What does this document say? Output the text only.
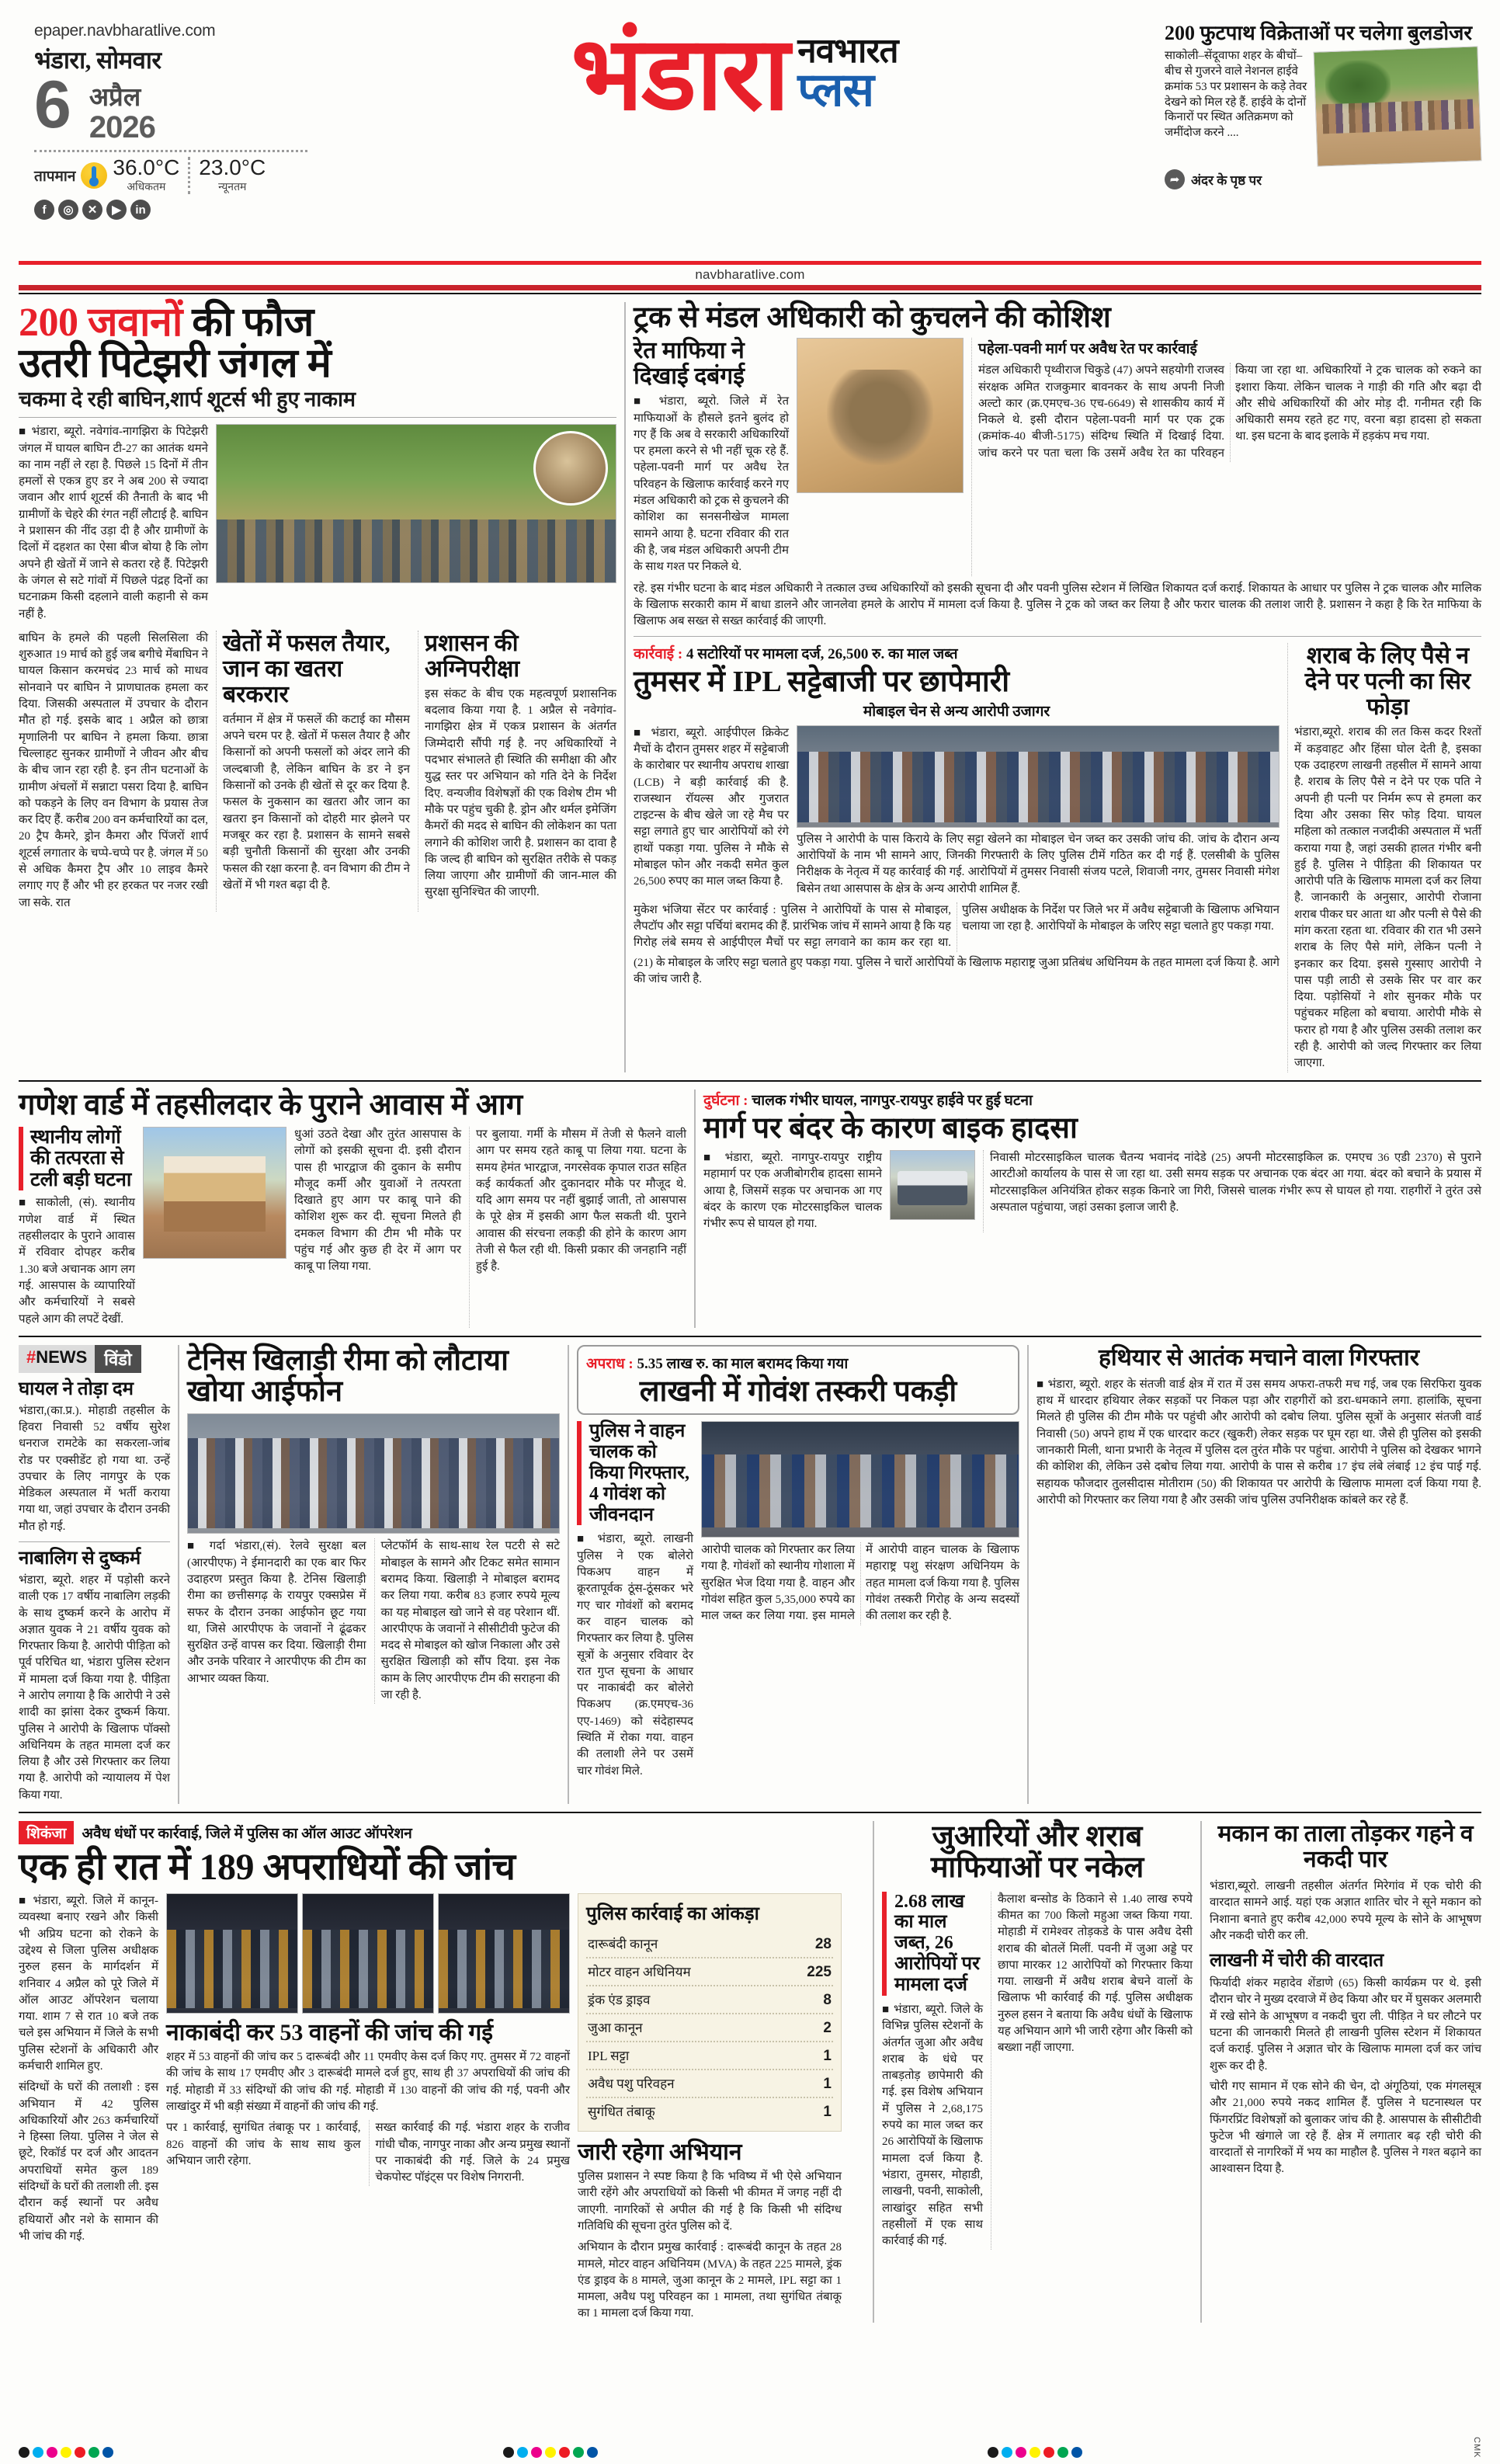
epaper.navbharatlive.com
भंडारा, सोमवार
6 अप्रैल
2026
तापमान 36.0°C
अधिकतम
23.0°C
न्यूनतम
f	◎	✕	▶	in
भंडारा नवभारत
प्लस
200 फुटपाथ विक्रेताओं पर चलेगा बुलडोजर
साकोली–सेंदूवाफा शहर के बीचों–बीच से गुजरने वाले नेशनल हाईवे क्रमांक 53 पर प्रशासन के कड़े तेवर देखने को मिल रहे हैं. हाईवे के दोनों किनारों पर स्थित अतिक्रमण को जमींदोज करने ....
➦ अंदर के पृष्ठ पर
navbharatlive.com
200 जवानों की फौज
उतरी पिटेझरी जंगल में
चकमा दे रही बाघिन,शार्प शूटर्स भी हुए नाकाम
■ भंडारा, ब्यूरो. नवेगांव-नागझिरा के पिटेझरी जंगल में घायल बाघिन टी-27 का आतंक थमने का नाम नहीं ले रहा है. पिछले 15 दिनों में तीन हमलों से एकत्र हुए डर ने अब 200 से ज्यादा जवान और शार्प शूटर्स की तैनाती के बाद भी ग्रामीणों के चेहरे की रंगत नहीं लौटाई है. बाघिन ने प्रशासन की नींद उड़ा दी है और ग्रामीणों के दिलों में दहशत का ऐसा बीज बोया है कि लोग अपने ही खेतों में जाने से कतरा रहे हैं. पिटेझरी के जंगल से सटे गांवों में पिछले पंद्रह दिनों का घटनाक्रम किसी दहलाने वाली कहानी से कम नहीं है.
बाघिन के हमले की पहली सिलसिला की शुरुआत 19 मार्च को हुई जब बगीचे मेंबाघिन ने घायल किसान करमचंद 23 मार्च को माधव सोनवाने पर बाघिन ने प्राणघातक हमला कर दिया. जिसकी अस्पताल में उपचार के दौरान मौत हो गई. इसके बाद 1 अप्रैल को छात्रा मृणालिनी पर बाघिन ने हमला किया. छात्रा चिल्लाहट सुनकर ग्रामीणों ने जीवन और बीच के बीच जान रहा रही है. इन तीन घटनाओं के ग्रामीण अंचलों में सन्नाटा पसरा दिया है. बाघिन को पकड़ने के लिए वन विभाग के प्रयास तेज कर दिए हैं. करीब 200 वन कर्मचारियों का दल, 20 ट्रैप कैमरे, ड्रोन कैमरा और पिंजरों शार्प शूटर्स लगातार के चप्पे-चप्पे पर है. जंगल में 50 से अधिक कैमरा ट्रैप और 10 लाइव कैमरे लगाए गए हैं और भी हर हरकत पर नजर रखी जा सके. रात
खेतों में फसल तैयार, जान का खतरा बरकरार
वर्तमान में क्षेत्र में फसलें की कटाई का मौसम अपने चरम पर है. खेतों में फसल तैयार है और किसानों को अपनी फसलों को अंदर लाने की जल्दबाजी है, लेकिन बाघिन के डर ने इन किसानों को उनके ही खेतों से दूर कर दिया है. फसल के नुकसान का खतरा और जान का खतरा इन किसानों को दोहरी मार झेलने पर मजबूर कर रहा है. प्रशासन के सामने सबसे बड़ी चुनौती किसानों की सुरक्षा और उनकी फसल की रक्षा करना है. वन विभाग की टीम ने खेतों में भी गश्त बढ़ा दी है.
प्रशासन की अग्निपरीक्षा
इस संकट के बीच एक महत्वपूर्ण प्रशासनिक बदलाव किया गया है. 1 अप्रैल से नवेगांव-नागझिरा क्षेत्र में एकत्र प्रशासन के अंतर्गत जिम्मेदारी सौंपी गई है. नए अधिकारियों ने पदभार संभालते ही स्थिति की समीक्षा की और युद्ध स्तर पर अभियान को गति देने के निर्देश दिए. वन्यजीव विशेषज्ञों की एक विशेष टीम भी मौके पर पहुंच चुकी है. ड्रोन और थर्मल इमेजिंग कैमरों की मदद से बाघिन की लोकेशन का पता लगाने की कोशिश जारी है. प्रशासन का दावा है कि जल्द ही बाघिन को सुरक्षित तरीके से पकड़ लिया जाएगा और ग्रामीणों की जान-माल की सुरक्षा सुनिश्चित की जाएगी.
ट्रक से मंडल अधिकारी को कुचलने की कोशिश
रेत माफिया ने दिखाई दबंगई
■ भंडारा, ब्यूरो. जिले में रेत माफियाओं के हौसले इतने बुलंद हो गए हैं कि अब वे सरकारी अधिकारियों पर हमला करने से भी नहीं चूक रहे हैं. पहेला-पवनी मार्ग पर अवैध रेत परिवहन के खिलाफ कार्रवाई करने गए मंडल अधिकारी को ट्रक से कुचलने की कोशिश का सनसनीखेज मामला सामने आया है. घटना रविवार की रात की है, जब मंडल अधिकारी अपनी टीम के साथ गश्त पर निकले थे.
पहेला-पवनी मार्ग पर अवैध रेत पर कार्रवाई
मंडल अधिकारी पृथ्वीराज चिकुडे (47) अपने सहयोगी राजस्व संरक्षक अमित राजकुमार बावनकर के साथ अपनी निजी अल्टो कार (क्र.एमएच-36 एच-6649) से शासकीय कार्य में निकले थे. इसी दौरान पहेला-पवनी मार्ग पर एक ट्रक (क्रमांक-40 बीजी-5175) संदिग्ध स्थिति में दिखाई दिया. जांच करने पर पता चला कि उसमें अवैध रेत का परिवहन किया जा रहा था. अधिकारियों ने ट्रक चालक को रुकने का इशारा किया. लेकिन चालक ने गाड़ी की गति और बढ़ा दी और सीधे अधिकारियों की ओर मोड़ दी. गनीमत रही कि अधिकारी समय रहते हट गए, वरना बड़ा हादसा हो सकता था. इस घटना के बाद इलाके में हड़कंप मच गया.
रहे. इस गंभीर घटना के बाद मंडल अधिकारी ने तत्काल उच्च अधिकारियों को इसकी सूचना दी और पवनी पुलिस स्टेशन में लिखित शिकायत दर्ज कराई. शिकायत के आधार पर पुलिस ने ट्रक चालक और मालिक के खिलाफ सरकारी काम में बाधा डालने और जानलेवा हमले के आरोप में मामला दर्ज किया है. पुलिस ने ट्रक को जब्त कर लिया है और फरार चालक की तलाश जारी है. प्रशासन ने कहा है कि रेत माफिया के खिलाफ अब सख्त से सख्त कार्रवाई की जाएगी.
कार्रवाई : 4 सटोरियों पर मामला दर्ज, 26,500 रु. का माल जब्त
तुमसर में IPL सट्टेबाजी पर छापेमारी
मोबाइल चेन से अन्य आरोपी उजागर
■ भंडारा, ब्यूरो. आईपीएल क्रिकेट मैचों के दौरान तुमसर शहर में सट्टेबाजी के कारोबार पर स्थानीय अपराध शाखा (LCB) ने बड़ी कार्रवाई की है. राजस्थान रॉयल्स और गुजरात टाइटन्स के बीच खेले जा रहे मैच पर सट्टा लगाते हुए चार आरोपियों को रंगे हाथों पकड़ा गया. पुलिस ने मौके से मोबाइल फोन और नकदी समेत कुल 26,500 रुपए का माल जब्त किया है.
पुलिस ने आरोपी के पास किराये के लिए सट्टा खेलने का मोबाइल चेन जब्त कर उसकी जांच की. जांच के दौरान अन्य आरोपियों के नाम भी सामने आए, जिनकी गिरफ्तारी के लिए पुलिस टीमें गठित कर दी गई हैं. एलसीबी के पुलिस निरीक्षक के नेतृत्व में यह कार्रवाई की गई. आरोपियों में तुमसर निवासी संजय पटले, शिवाजी नगर, तुमसर निवासी मंगेश बिसेन तथा आसपास के क्षेत्र के अन्य आरोपी शामिल हैं.
मुकेश भंजिया सेंटर पर कार्रवाई : पुलिस ने आरोपियों के पास से मोबाइल, लैपटॉप और सट्टा पर्चियां बरामद की हैं. प्रारंभिक जांच में सामने आया है कि यह गिरोह लंबे समय से आईपीएल मैचों पर सट्टा लगवाने का काम कर रहा था. पुलिस अधीक्षक के निर्देश पर जिले भर में अवैध सट्टेबाजी के खिलाफ अभियान चलाया जा रहा है. आरोपियों के मोबाइल के जरिए सट्टा चलाते हुए पकड़ा गया.
(21) के मोबाइल के जरिए सट्टा चलाते हुए पकड़ा गया. पुलिस ने चारों आरोपियों के खिलाफ महाराष्ट्र जुआ प्रतिबंध अधिनियम के तहत मामला दर्ज किया है. आगे की जांच जारी है.
शराब के लिए पैसे न देने पर पत्नी का सिर फोड़ा
भंडारा,ब्यूरो. शराब की लत किस कदर रिश्तों में कड़वाहट और हिंसा घोल देती है, इसका एक उदाहरण लाखनी तहसील में सामने आया है. शराब के लिए पैसे न देने पर एक पति ने अपनी ही पत्नी पर निर्मम रूप से हमला कर दिया और उसका सिर फोड़ दिया. घायल महिला को तत्काल नजदीकी अस्पताल में भर्ती कराया गया है, जहां उसकी हालत गंभीर बनी हुई है. पुलिस ने पीड़िता की शिकायत पर आरोपी पति के खिलाफ मामला दर्ज कर लिया है. जानकारी के अनुसार, आरोपी रोजाना शराब पीकर घर आता था और पत्नी से पैसे की मांग करता रहता था. रविवार की रात भी उसने शराब के लिए पैसे मांगे, लेकिन पत्नी ने इनकार कर दिया. इससे गुस्साए आरोपी ने पास पड़ी लाठी से उसके सिर पर वार कर दिया. पड़ोसियों ने शोर सुनकर मौके पर पहुंचकर महिला को बचाया. आरोपी मौके से फरार हो गया है और पुलिस उसकी तलाश कर रही है. आरोपी को जल्द गिरफ्तार कर लिया जाएगा.
गणेश वार्ड में तहसीलदार के पुराने आवास में आग
स्थानीय लोगों की तत्परता से टली बड़ी घटना
■ साकोली, (सं). स्थानीय गणेश वार्ड में स्थित तहसीलदार के पुराने आवास में रविवार दोपहर करीब 1.30 बजे अचानक आग लग गई. आसपास के व्यापारियों और कर्मचारियों ने सबसे पहले आग की लपटें देखीं.
धुआं उठते देखा और तुरंत आसपास के लोगों को इसकी सूचना दी. इसी दौरान पास ही भारद्वाज की दुकान के समीप मौजूद कर्मी और युवाओं ने तत्परता दिखाते हुए आग पर काबू पाने की कोशिश शुरू कर दी. सूचना मिलते ही दमकल विभाग की टीम भी मौके पर पहुंच गई और कुछ ही देर में आग पर काबू पा लिया गया.
पर बुलाया. गर्मी के मौसम में तेजी से फैलने वाली आग पर समय रहते काबू पा लिया गया. घटना के समय हेमंत भारद्वाज, नगरसेवक कृपाल राउत सहित कई कार्यकर्ता और दुकानदार मौके पर मौजूद थे. यदि आग समय पर नहीं बुझाई जाती, तो आसपास के पूरे क्षेत्र में इसकी आग फैल सकती थी. पुराने आवास की संरचना लकड़ी की होने के कारण आग तेजी से फैल रही थी. किसी प्रकार की जनहानि नहीं हुई है.
दुर्घटना : चालक गंभीर घायल, नागपुर-रायपुर हाईवे पर हुई घटना
मार्ग पर बंदर के कारण बाइक हादसा
■ भंडारा, ब्यूरो. नागपुर-रायपुर राष्ट्रीय महामार्ग पर एक अजीबोगरीब हादसा सामने आया है, जिसमें सड़क पर अचानक आ गए बंदर के कारण एक मोटरसाइकिल चालक गंभीर रूप से घायल हो गया.
निवासी मोटरसाइकिल चालक चैतन्य भवानंद नांदेडे (25) अपनी मोटरसाइकिल क्र. एमएच 36 एडी 2370) से पुराने आरटीओ कार्यालय के पास से जा रहा था. उसी समय सड़क पर अचानक एक बंदर आ गया. बंदर को बचाने के प्रयास में मोटरसाइकिल अनियंत्रित होकर सड़क किनारे जा गिरी, जिससे चालक गंभीर रूप से घायल हो गया. राहगीरों ने तुरंत उसे अस्पताल पहुंचाया, जहां उसका इलाज जारी है.
#NEWS	विंडो
घायल ने तोड़ा दम
भंडारा,(का.प्र.). मोहाडी तहसील के हिवरा निवासी 52 वर्षीय सुरेश धनराज रामटेके का सकरला-जांब रोड पर एक्सीडेंट हो गया था. उन्हें उपचार के लिए नागपुर के एक मेडिकल अस्पताल में भर्ती कराया गया था, जहां उपचार के दौरान उनकी मौत हो गई.
नाबालिग से दुष्कर्म
भंडारा, ब्यूरो. शहर में पड़ोसी करने वाली एक 17 वर्षीय नाबालिग लड़की के साथ दुष्कर्म करने के आरोप में अज्ञात युवक ने 21 वर्षीय युवक को गिरफ्तार किया है. आरोपी पीड़िता को पूर्व परिचित था, भंडारा पुलिस स्टेशन में मामला दर्ज किया गया है. पीड़िता ने आरोप लगाया है कि आरोपी ने उसे शादी का झांसा देकर दुष्कर्म किया. पुलिस ने आरोपी के खिलाफ पॉक्सो अधिनियम के तहत मामला दर्ज कर लिया है और उसे गिरफ्तार कर लिया गया है. आरोपी को न्यायालय में पेश किया गया.
टेनिस खिलाड़ी रीमा को लौटाया खोया आईफोन
■ गर्दा भंडारा,(सं). रेलवे सुरक्षा बल (आरपीएफ) ने ईमानदारी का एक बार फिर उदाहरण प्रस्तुत किया है. टेनिस खिलाड़ी रीमा का छत्तीसगढ़ के रायपुर एक्सप्रेस में सफर के दौरान उनका आईफोन छूट गया था, जिसे आरपीएफ के जवानों ने ढूंढकर सुरक्षित उन्हें वापस कर दिया. खिलाड़ी रीमा और उनके परिवार ने आरपीएफ की टीम का आभार व्यक्त किया.
प्लेटफॉर्म के साथ-साथ रेल पटरी से सटे मोबाइल के सामने और टिकट समेत सामान बरामद किया. खिलाड़ी ने मोबाइल बरामद कर लिया गया. करीब 83 हजार रुपये मूल्य का यह मोबाइल खो जाने से वह परेशान थीं. आरपीएफ के जवानों ने सीसीटीवी फुटेज की मदद से मोबाइल को खोज निकाला और उसे सुरक्षित खिलाड़ी को सौंप दिया. इस नेक काम के लिए आरपीएफ टीम की सराहना की जा रही है.
अपराध : 5.35 लाख रु. का माल बरामद किया गया
लाखनी में गोवंश तस्करी पकड़ी
पुलिस ने वाहन चालक को किया गिरफ्तार, 4 गोवंश को जीवनदान
■ भंडारा, ब्यूरो. लाखनी पुलिस ने एक बोलेरो पिकअप वाहन में क्रूरतापूर्वक ठूंस-ठूंसकर भरे गए चार गोवंशों को बरामद कर वाहन चालक को गिरफ्तार कर लिया है. पुलिस सूत्रों के अनुसार रविवार देर रात गुप्त सूचना के आधार पर नाकाबंदी कर बोलेरो पिकअप (क्र.एमएच-36 एए-1469) को संदेहास्पद स्थिति में रोका गया. वाहन की तलाशी लेने पर उसमें चार गोवंश मिले.
आरोपी चालक को गिरफ्तार कर लिया गया है. गोवंशों को स्थानीय गोशाला में सुरक्षित भेज दिया गया है. वाहन और गोवंश सहित कुल 5,35,000 रुपये का माल जब्त कर लिया गया. इस मामले में आरोपी वाहन चालक के खिलाफ महाराष्ट्र पशु संरक्षण अधिनियम के तहत मामला दर्ज किया गया है. पुलिस गोवंश तस्करी गिरोह के अन्य सदस्यों की तलाश कर रही है.
हथियार से आतंक मचाने वाला गिरफ्तार
■ भंडारा, ब्यूरो. शहर के संतजी वार्ड क्षेत्र में रात में उस समय अफरा-तफरी मच गई, जब एक सिरफिरा युवक हाथ में धारदार हथियार लेकर सड़कों पर निकल पड़ा और राहगीरों को डरा-धमकाने लगा. हालांकि, सूचना मिलते ही पुलिस की टीम मौके पर पहुंची और आरोपी को दबोच लिया. पुलिस सूत्रों के अनुसार संतजी वार्ड निवासी (50) अपने हाथ में एक धारदार कटर (खुकरी) लेकर सड़क पर घूम रहा था. जैसे ही पुलिस को इसकी जानकारी मिली, थाना प्रभारी के नेतृत्व में पुलिस दल तुरंत मौके पर पहुंचा. आरोपी ने पुलिस को देखकर भागने की कोशिश की, लेकिन उसे दबोच लिया गया. आरोपी के पास से करीब 17 इंच लंबे लंबाई 12 इंच पाई गई. सहायक फौजदार तुलसीदास मोतीराम (50) की शिकायत पर आरोपी के खिलाफ मामला दर्ज किया गया है. आरोपी को गिरफ्तार कर लिया गया है और उसकी जांच पुलिस उपनिरीक्षक कांबले कर रहे हैं.
शिकंजा	अवैध धंधों पर कार्रवाई, जिले में पुलिस का ऑल आउट ऑपरेशन
एक ही रात में 189 अपराधियों की जांच
■ भंडारा, ब्यूरो. जिले में कानून-व्यवस्था बनाए रखने और किसी भी अप्रिय घटना को रोकने के उद्देश्य से जिला पुलिस अधीक्षक नुरुल हसन के मार्गदर्शन में शनिवार 4 अप्रैल को पूरे जिले में ऑल आउट ऑपरेशन चलाया गया. शाम 7 से रात 10 बजे तक चले इस अभियान में जिले के सभी पुलिस स्टेशनों के अधिकारी और कर्मचारी शामिल हुए.
संदिग्धों के घरों की तलाशी : इस अभियान में 42 पुलिस अधिकारियों और 263 कर्मचारियों ने हिस्सा लिया. पुलिस ने जेल से छूटे, रिकॉर्ड पर दर्ज और आदतन अपराधियों समेत कुल 189 संदिग्धों के घरों की तलाशी ली. इस दौरान कई स्थानों पर अवैध हथियारों और नशे के सामान की भी जांच की गई.
नाकाबंदी कर 53 वाहनों की जांच की गई
शहर में 53 वाहनों की जांच कर 5 दारूबंदी और 11 एमवीए केस दर्ज किए गए. तुमसर में 72 वाहनों की जांच के साथ 17 एमवीए और 3 दारूबंदी मामले दर्ज हुए, साथ ही 37 अपराधियों की जांच की गई. मोहाडी में 33 संदिग्धों की जांच की गई. मोहाडी में 130 वाहनों की जांच की गई, पवनी और लाखांदुर में भी बड़ी संख्या में वाहनों की जांच की गई.
पर 1 कार्रवाई, सुगंधित तंबाकू पर 1 कार्रवाई, 826 वाहनों की जांच के साथ साथ कुल अभियान जारी रहेगा.
सख्त कार्रवाई की गई. भंडारा शहर के राजीव गांधी चौक, नागपुर नाका और अन्य प्रमुख स्थानों पर नाकाबंदी की गई. जिले के 24 प्रमुख चेकपोस्ट पॉइंट्स पर विशेष निगरानी.
पुलिस कार्रवाई का आंकड़ा
दारूबंदी कानून	28
मोटर वाहन अधिनियम	225
ड्रंक एंड ड्राइव	8
जुआ कानून	2
IPL सट्टा	1
अवैध पशु परिवहन	1
सुगंधित तंबाकू	1
जारी रहेगा अभियान
पुलिस प्रशासन ने स्पष्ट किया है कि भविष्य में भी ऐसे अभियान जारी रहेंगे और अपराधियों को किसी भी कीमत में जगह नहीं दी जाएगी. नागरिकों से अपील की गई है कि किसी भी संदिग्ध गतिविधि की सूचना तुरंत पुलिस को दें.
अभियान के दौरान प्रमुख कार्रवाई : दारूबंदी कानून के तहत 28 मामले, मोटर वाहन अधिनियम (MVA) के तहत 225 मामले, ड्रंक एंड ड्राइव के 8 मामले, जुआ कानून के 2 मामले, IPL सट्टा का 1 मामला, अवैध पशु परिवहन का 1 मामला, तथा सुगंधित तंबाकू का 1 मामला दर्ज किया गया.
जुआरियों और शराब माफियाओं पर नकेल
2.68 लाख का माल जब्त, 26 आरोपियों पर मामला दर्ज
■ भंडारा, ब्यूरो. जिले के विभिन्न पुलिस स्टेशनों के अंतर्गत जुआ और अवैध शराब के धंधे पर ताबड़तोड़ छापेमारी की गई. इस विशेष अभियान में पुलिस ने 2,68,175 रुपये का माल जब्त कर 26 आरोपियों के खिलाफ मामला दर्ज किया है. भंडारा, तुमसर, मोहाडी, लाखनी, पवनी, साकोली, लाखांदुर सहित सभी तहसीलों में एक साथ कार्रवाई की गई.
कैलाश बन्सोड के ठिकाने से 1.40 लाख रुपये कीमत का 700 किलो महुआ जब्त किया गया. मोहाडी में रामेश्वर तोड़कडे के पास अवैध देसी शराब की बोतलें मिलीं. पवनी में जुआ अड्डे पर छापा मारकर 12 आरोपियों को गिरफ्तार किया गया. लाखनी में अवैध शराब बेचने वालों के खिलाफ भी कार्रवाई की गई. पुलिस अधीक्षक नुरुल हसन ने बताया कि अवैध धंधों के खिलाफ यह अभियान आगे भी जारी रहेगा और किसी को बख्शा नहीं जाएगा.
मकान का ताला तोड़कर गहने व नकदी पार
भंडारा,ब्यूरो. लाखनी तहसील अंतर्गत मिरेगांव में एक चोरी की वारदात सामने आई. यहां एक अज्ञात शातिर चोर ने सूने मकान को निशाना बनाते हुए करीब 42,000 रुपये मूल्य के सोने के आभूषण और नकदी चोरी कर ली.
लाखनी में चोरी की वारदात
फिर्यादी शंकर महादेव शेंडाणे (65) किसी कार्यक्रम पर थे. इसी दौरान चोर ने मुख्य दरवाजे में छेद किया और घर में घुसकर अलमारी में रखे सोने के आभूषण व नकदी चुरा ली. पीड़ित ने घर लौटने पर घटना की जानकारी मिलते ही लाखनी पुलिस स्टेशन में शिकायत दर्ज कराई. पुलिस ने अज्ञात चोर के खिलाफ मामला दर्ज कर जांच शुरू कर दी है.
चोरी गए सामान में एक सोने की चेन, दो अंगूठियां, एक मंगलसूत्र और 21,000 रुपये नकद शामिल हैं. पुलिस ने घटनास्थल पर फिंगरप्रिंट विशेषज्ञों को बुलाकर जांच की है. आसपास के सीसीटीवी फुटेज भी खंगाले जा रहे हैं. क्षेत्र में लगातार बढ़ रही चोरी की वारदातों से नागरिकों में भय का माहौल है. पुलिस ने गश्त बढ़ाने का आश्वासन दिया है.
CMK
